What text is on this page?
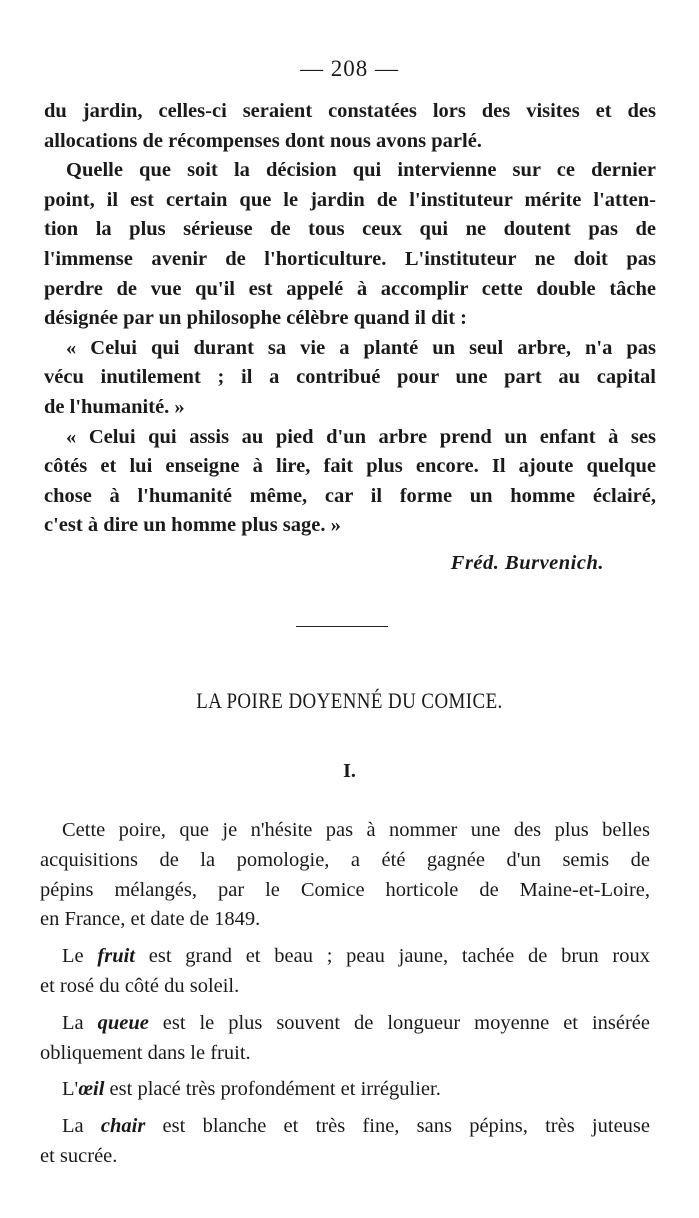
— 208 —
du jardin, celles-ci seraient constatées lors des visites et des
allocations de récompenses dont nous avons parlé.
Quelle que soit la décision qui intervienne sur ce dernier
point, il est certain que le jardin de l'instituteur mérite l'atten-
tion la plus sérieuse de tous ceux qui ne doutent pas de
l'immense avenir de l'horticulture. L'instituteur ne doit pas
perdre de vue qu'il est appelé à accomplir cette double tâche
désignée par un philosophe célèbre quand il dit :
« Celui qui durant sa vie a planté un seul arbre, n'a pas
vécu inutilement ; il a contribué pour une part au capital
de l'humanité. »
« Celui qui assis au pied d'un arbre prend un enfant à ses
côtés et lui enseigne à lire, fait plus encore. Il ajoute quelque
chose à l'humanité même, car il forme un homme éclairé,
c'est à dire un homme plus sage. »
Fréd. Burvenich.
LA POIRE DOYENNÉ DU COMICE.
I.
Cette poire, que je n'hésite pas à nommer une des plus belles
acquisitions de la pomologie, a été gagnée d'un semis de
pépins mélangés, par le Comice horticole de Maine-et-Loire,
en France, et date de 1849.
Le fruit est grand et beau ; peau jaune, tachée de brun roux
et rosé du côté du soleil.
La queue est le plus souvent de longueur moyenne et insérée
obliquement dans le fruit.
L'œil est placé très profondément et irrégulier.
La chair est blanche et très fine, sans pépins, très juteuse
et sucrée.
